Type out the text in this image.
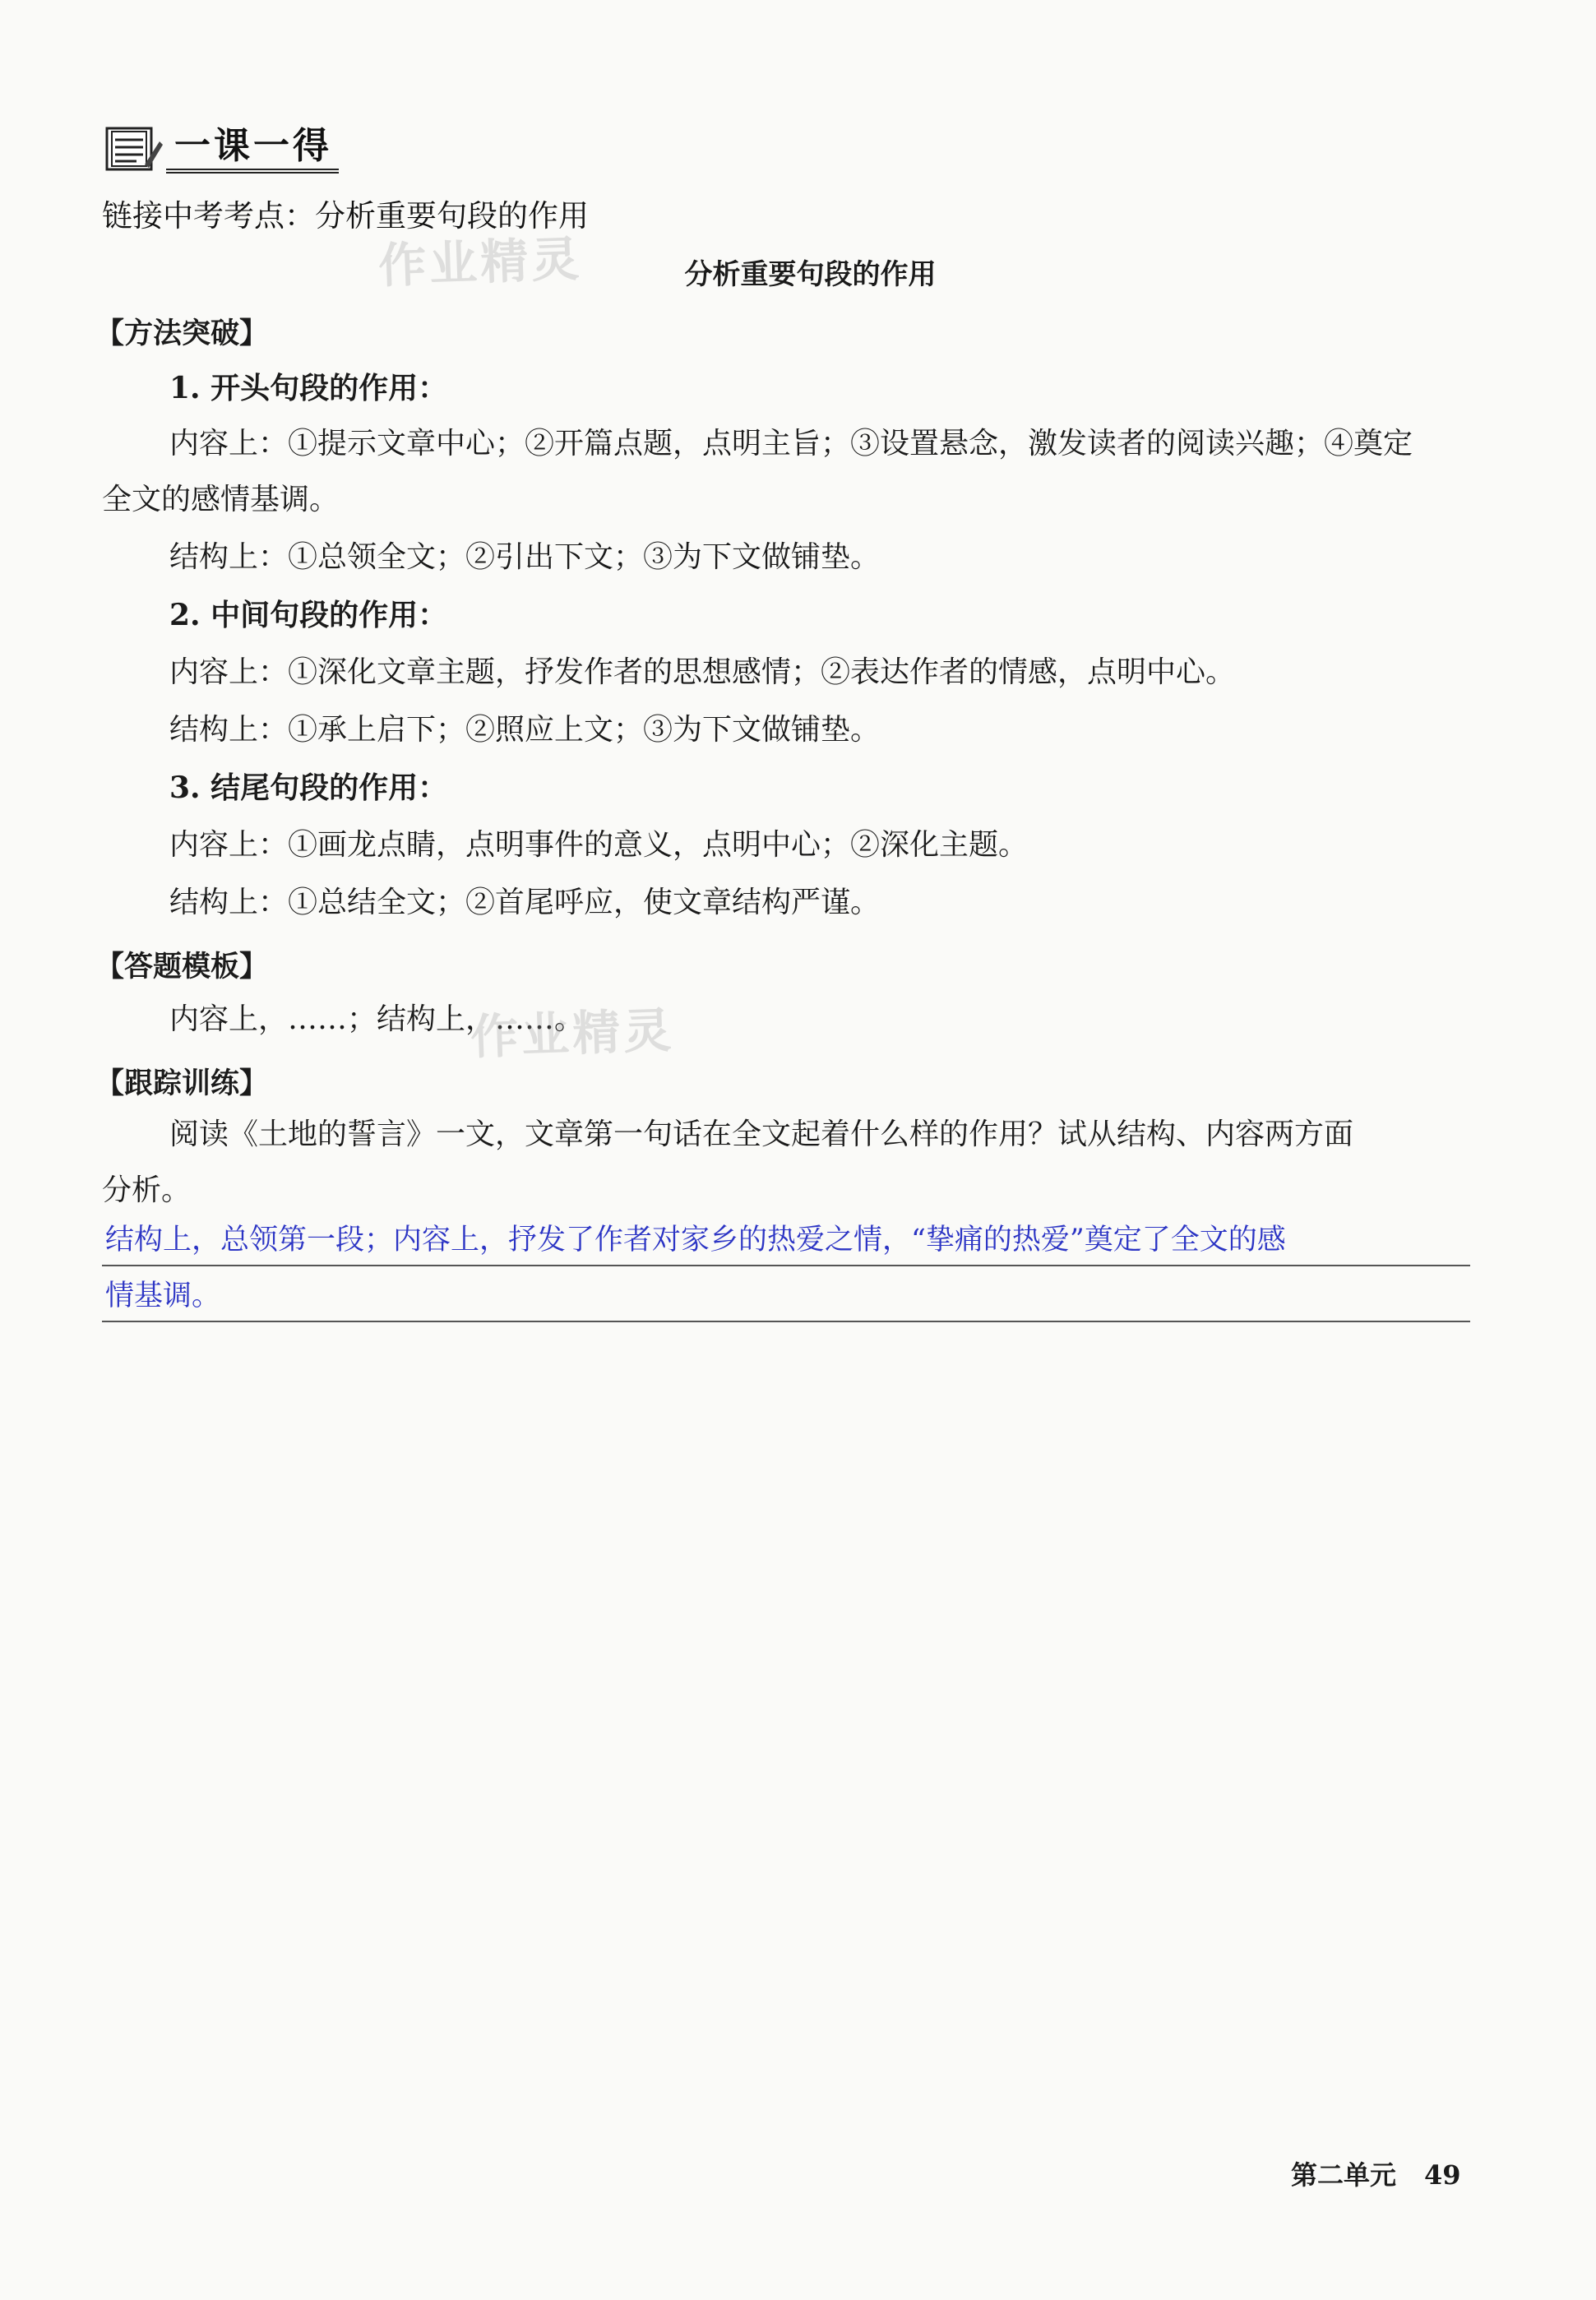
一课一得
链接中考考点：分析重要句段的作用
作业精灵	分析重要句段的作用
【方法突破】
1. 开头句段的作用：
内容上：①提示文章中心；②开篇点题，点明主旨；③设置悬念，激发读者的阅读兴趣；④奠定
全文的感情基调。
结构上：①总领全文；②引出下文；③为下文做铺垫。
2. 中间句段的作用：
内容上：①深化文章主题，抒发作者的思想感情；②表达作者的情感，点明中心。
结构上：①承上启下；②照应上文；③为下文做铺垫。
3. 结尾句段的作用：
内容上：①画龙点睛，点明事件的意义，点明中心；②深化主题。
结构上：①总结全文；②首尾呼应，使文章结构严谨。
【答题模板】
内容上，……；结构上，……。
作业精灵
【跟踪训练】
阅读《土地的誓言》一文，文章第一句话在全文起着什么样的作用？试从结构、内容两方面
分析。
结构上，总领第一段；内容上，抒发了作者对家乡的热爱之情，“挚痛的热爱”奠定了全文的感
情基调。
第二单元 49
